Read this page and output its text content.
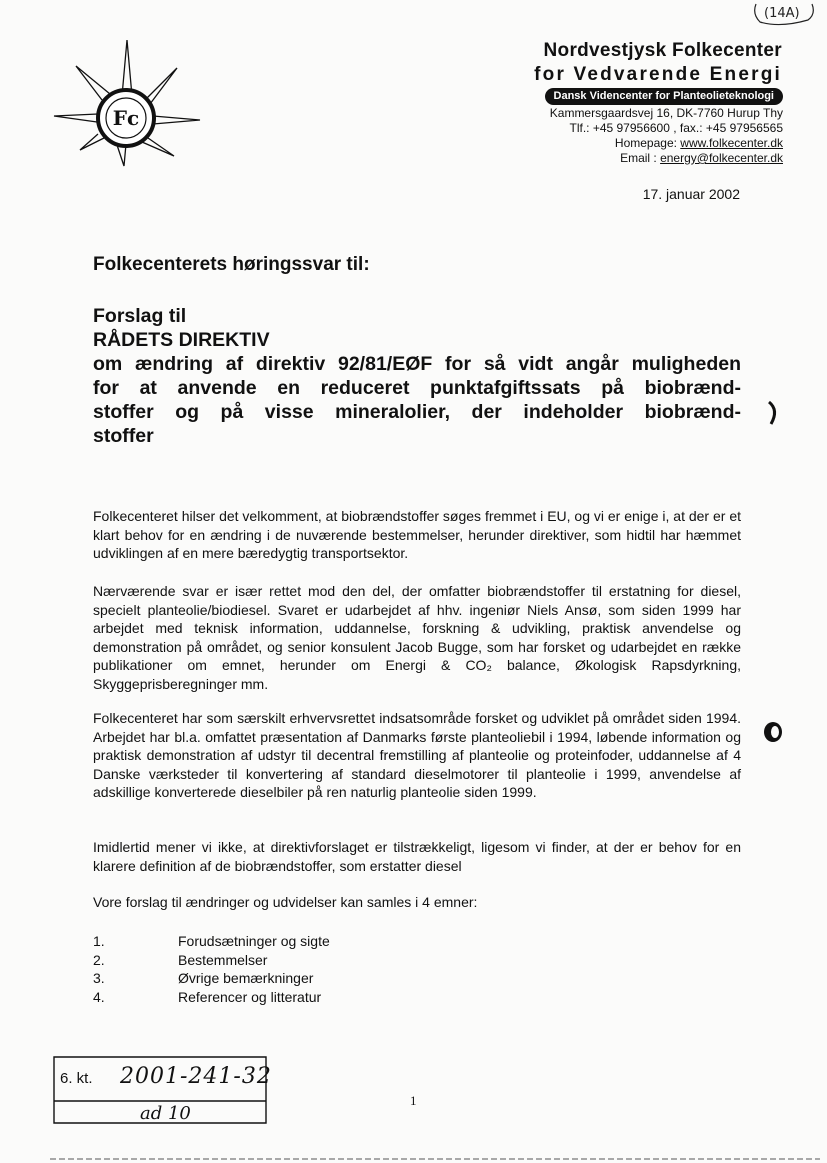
(14A)
Fc
Nordvestjysk Folkecenter
for Vedvarende Energi
Dansk Videncenter for Planteolieteknologi
Kammersgaardsvej 16, DK-7760 Hurup Thy
Tlf.: +45 97956600 , fax.: +45 97956565
Homepage: www.folkecenter.dk
Email : energy@folkecenter.dk
17. januar 2002
Folkecenterets høringssvar til:
Forslag til
RÅDETS DIREKTIV
om ændring af direktiv 92/81/EØF for så vidt angår muligheden
for at anvende en reduceret punktafgiftssats på biobrænd-
stoffer og på visse mineralolier, der indeholder biobrænd-
stoffer
Folkecenteret hilser det velkomment, at biobrændstoffer søges fremmet i EU, og vi er enige i, at der er et klart behov for en ændring i de nuværende bestemmelser, herunder direktiver, som hidtil har hæmmet udviklingen af en mere bæredygtig transportsektor.
Nærværende svar er især rettet mod den del, der omfatter biobrændstoffer til erstatning for diesel, specielt planteolie/biodiesel. Svaret er udarbejdet af hhv. ingeniør Niels Ansø, som siden 1999 har arbejdet med teknisk information, uddannelse, forskning & udvikling, praktisk anvendelse og demonstration på området, og senior konsulent Jacob Bugge, som har forsket og udarbejdet en række publikationer om emnet, herunder om Energi & CO₂ balance, Økologisk Rapsdyrkning, Skyggeprisberegninger mm.
Folkecenteret har som særskilt erhvervsrettet indsatsområde forsket og udviklet på området siden 1994. Arbejdet har bl.a. omfattet præsentation af Danmarks første planteoliebil i 1994, løbende information og praktisk demonstration af udstyr til decentral fremstilling af planteolie og proteinfoder, uddannelse af 4 Danske værksteder til konvertering af standard dieselmotorer til planteolie i 1999, anvendelse af adskillige konverterede dieselbiler på ren naturlig planteolie siden 1999.
Imidlertid mener vi ikke, at direktivforslaget er tilstrækkeligt, ligesom vi finder, at der er behov for en klarere definition af de biobrændstoffer, som erstatter diesel
Vore forslag til ændringer og udvidelser kan samles i 4 emner:
1.	Forudsætninger og sigte
2.	Bestemmelser
3.	Øvrige bemærkninger
4.	Referencer og litteratur
6. kt. 2001-241-32
ad 10
1
